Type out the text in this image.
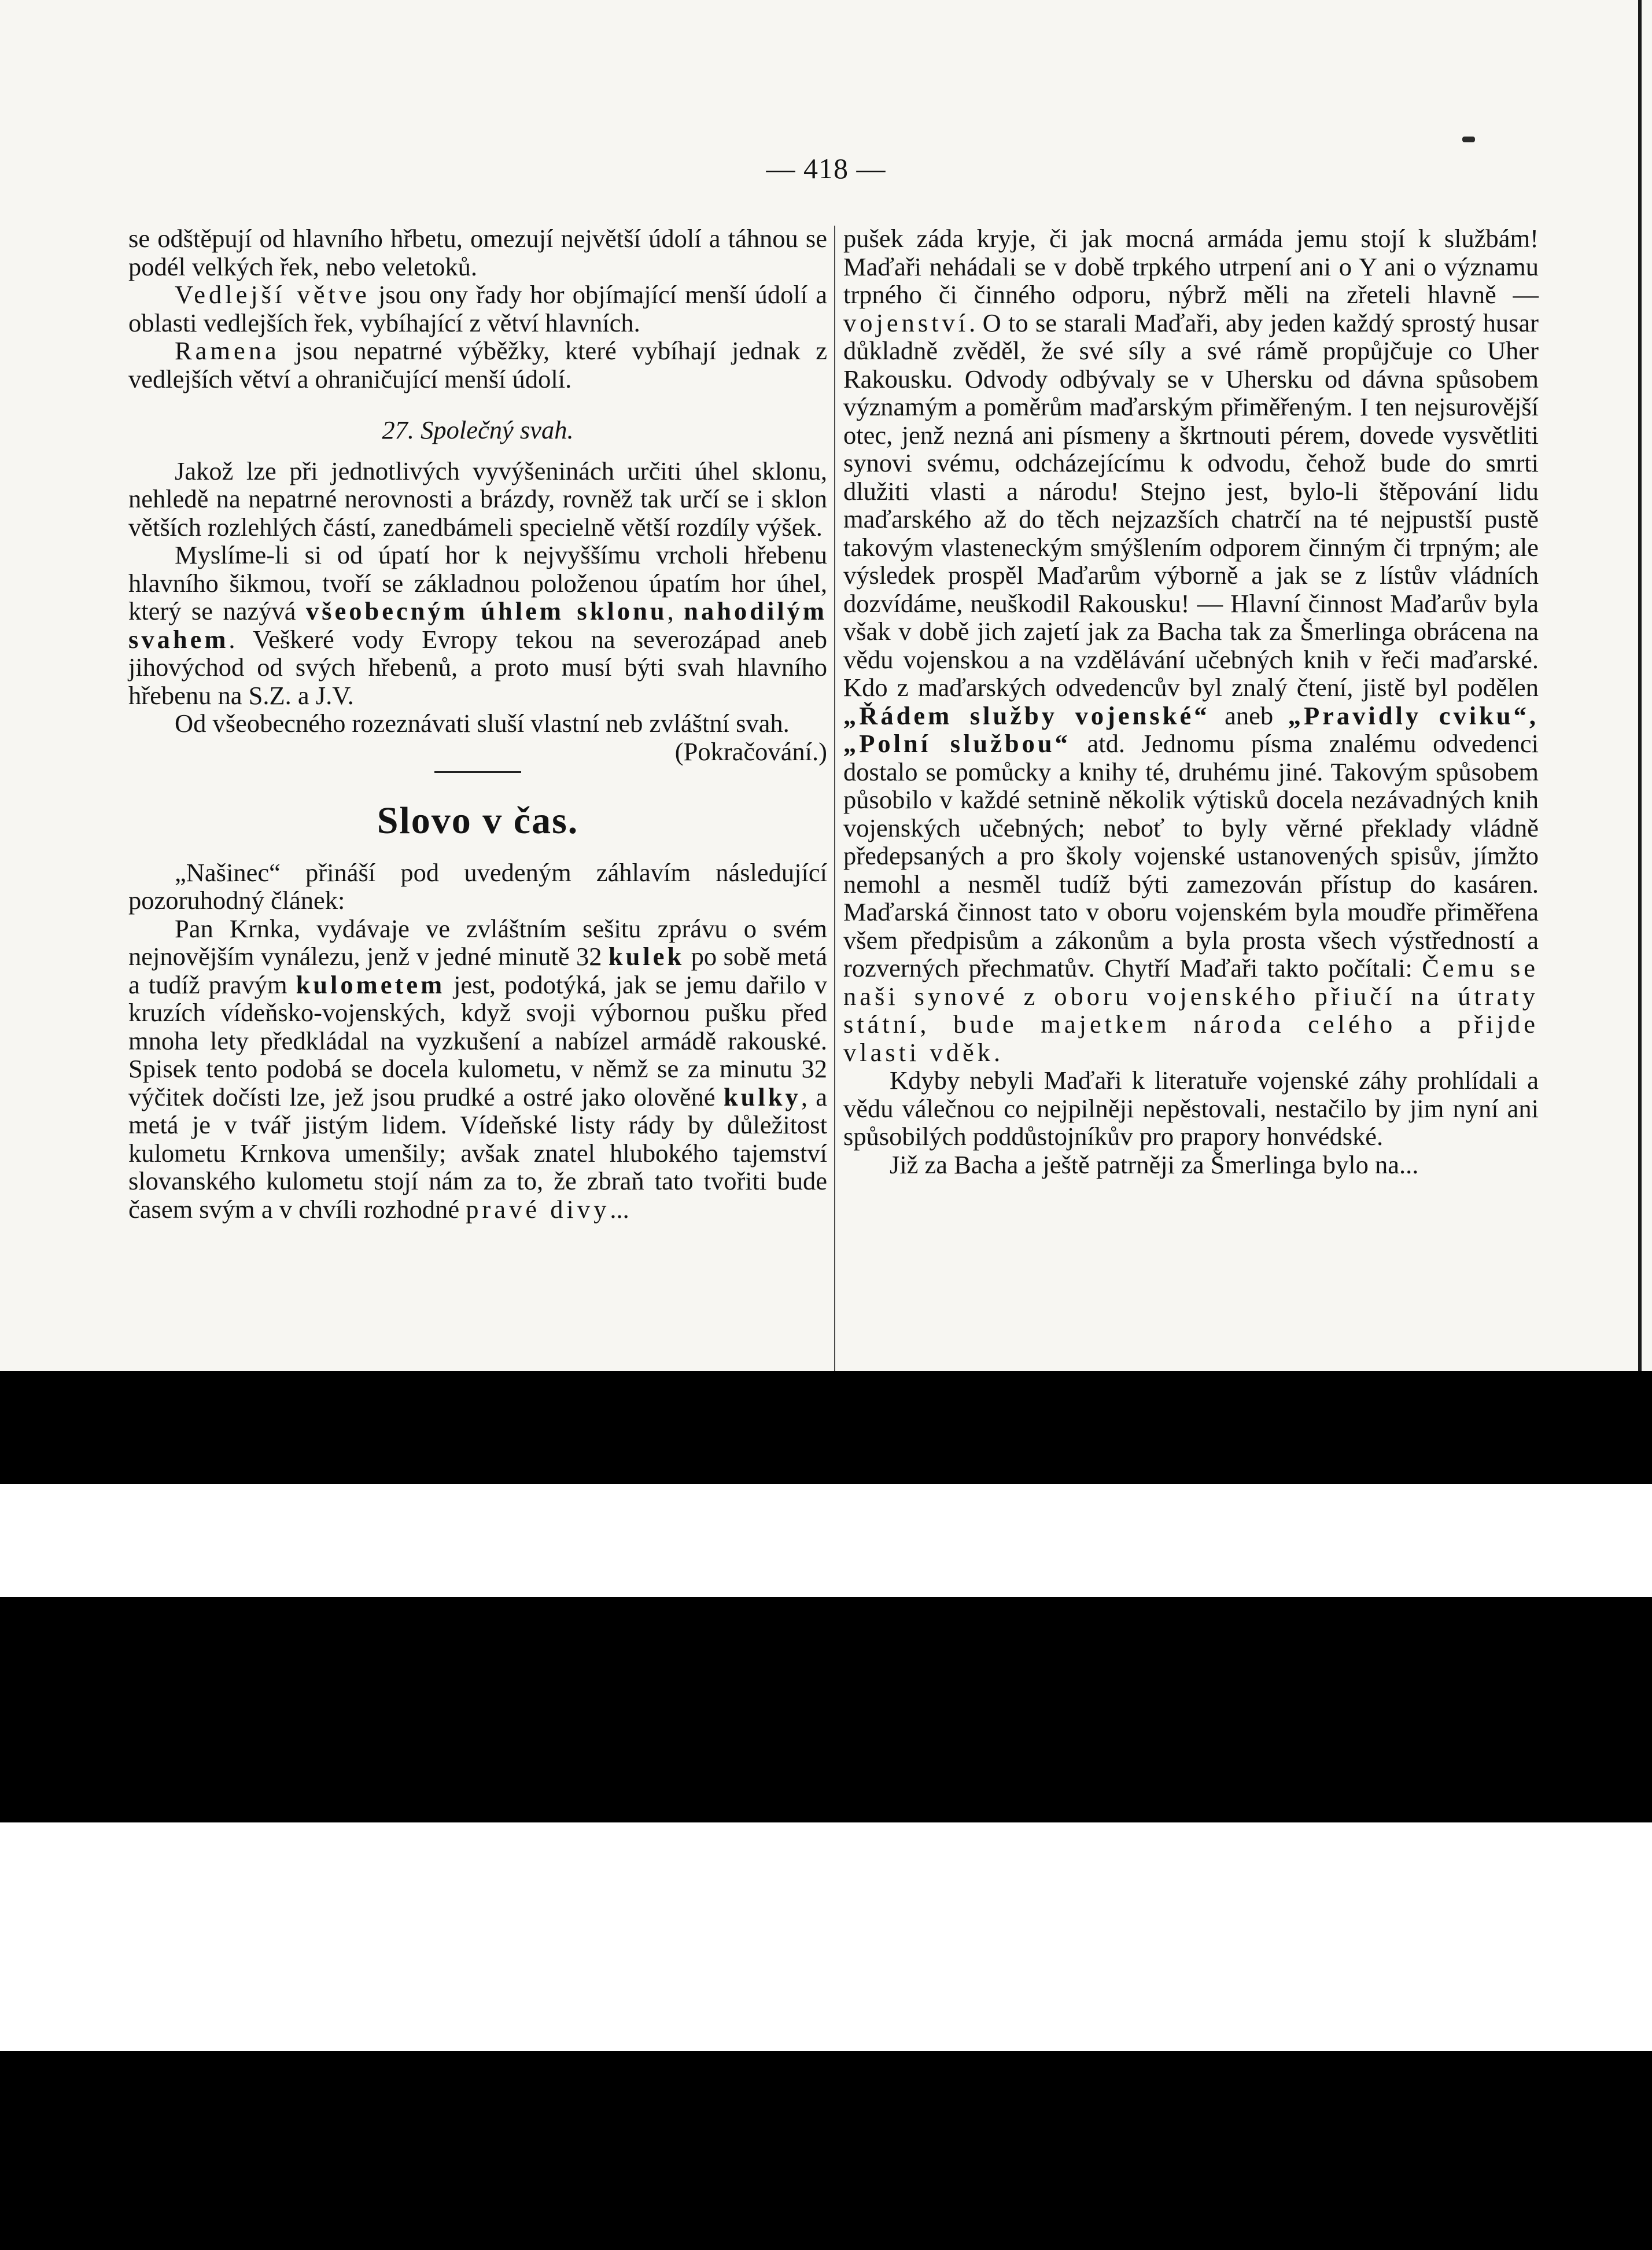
— 418 —

se odštěpují od hlavního hřbetu, omezují největší údolí a táhnou se podél velkých řek, nebo veletoků.

Vedlejší větve jsou ony řady hor objímající menší údolí a oblasti vedlejších řek, vybíhající z větví hlavních.

Ramena jsou nepatrné výběžky, které vybíhají jednak z vedlejších větví a ohraničující menší údolí.

27. Společný svah.

Jakož lze při jednotlivých vyvýšeninách určiti úhel sklonu, nehledě na nepatrné nerovnosti a brázdy, rovněž tak určí se i sklon větších rozlehlých částí, zanedbámeli specielně větší rozdíly výšek.

Myslíme-li si od úpatí hor k nejvyššímu vrcholi hřebenu hlavního šikmou, tvoří se základnou položenou úpatím hor úhel, který se nazývá všeobecným úhlem sklonu, nahodilým svahem. Veškeré vody Evropy tekou na severozápad aneb jihovýchod od svých hřebenů, a proto musí býti svah hlavního hřebenu na S.Z. a J.V.

Od všeobecného rozeznávati sluší vlastní neb zvláštní svah.
(Pokračování.)

Slovo v čas.

„Našinec“ přináší pod uvedeným záhlavím následující pozoruhodný článek:

Pan Krnka, vydávaje ve zvláštním sešitu zprávu o svém nejnovějším vynálezu, jenž v jedné minutě 32 kulek po sobě metá a tudíž pravým kulometem jest, podotýká, jak se jemu dařilo v kruzích vídeňsko-vojenských, když svoji výbornou pušku před mnoha lety předkládal na vyzkušení a nabízel armádě rakouské. Spisek tento podobá se docela kulometu, v němž se za minutu 32 výčitek dočísti lze, jež jsou prudké a ostré jako olověné kulky, a metá je v tvář jistým lidem. Vídeňské listy rády by důležitost kulometu Krnkova umenšily; avšak znatel hlubokého tajemství slovanského kulometu stojí nám za to, že zbraň tato tvořiti bude časem svým a v chvíli rozhodné pravé divy...

pušek záda kryje, či jak mocná armáda jemu stojí k službám! Maďaři nehádali se v době trpkého utrpení ani o Y ani o významu trpného či činného odporu, nýbrž měli na zřeteli hlavně — vojenství. O to se starali Maďaři, aby jeden každý sprostý husar důkladně zvěděl, že své síly a své rámě propůjčuje co Uher Rakousku. Odvody odbývaly se v Uhersku od dávna spůsobem významým a poměrům maďarským přiměřeným. I ten nejsurovější otec, jenž nezná ani písmeny a škrtnouti pérem, dovede vysvětliti synovi svému, odcházejícímu k odvodu, čehož bude do smrti dlužiti vlasti a národu! Stejno jest, bylo-li štěpování lidu maďarského až do těch nejzazších chatrčí na té nejpustší pustě takovým vlasteneckým smýšlením odporem činným či trpným; ale výsledek prospěl Maďarům výborně a jak se z lístův vládních dozvídáme, neuškodil Rakousku! — Hlavní činnost Maďarův byla však v době jich zajetí jak za Bacha tak za Šmerlinga obrácena na vědu vojenskou a na vzdělávání učebných knih v řeči maďarské. Kdo z maďarských odvedencův byl znalý čtení, jistě byl podělen „Řádem služby vojenské“ aneb „Pravidly cviku“, „Polní službou“ atd. Jednomu písma znalému odvedenci dostalo se pomůcky a knihy té, druhému jiné. Takovým spůsobem působilo v každé setnině několik výtisků docela nezávadných knih vojenských učebných; neboť to byly věrné překlady vládně předepsaných a pro školy vojenské ustanovených spisův, jímžto nemohl a nesměl tudíž býti zamezován přístup do kasáren. Maďarská činnost tato v oboru vojenském byla moudře přiměřena všem předpisům a zákonům a byla prosta všech výstředností a rozverných přechmatův. Chytří Maďaři takto počítali: Čemu se naši synové z oboru vojenského přiučí na útraty státní, bude majetkem národa celého a přijde vlasti vděk.

Kdyby nebyli Maďaři k literatuře vojenské záhy prohlídali a vědu válečnou co nejpilněji nepěstovali, nestačilo by jim nyní ani spůsobilých poddůstojníkův pro prapory honvédské.

Již za Bacha a ještě patrněji za Šmerlinga bylo na...
